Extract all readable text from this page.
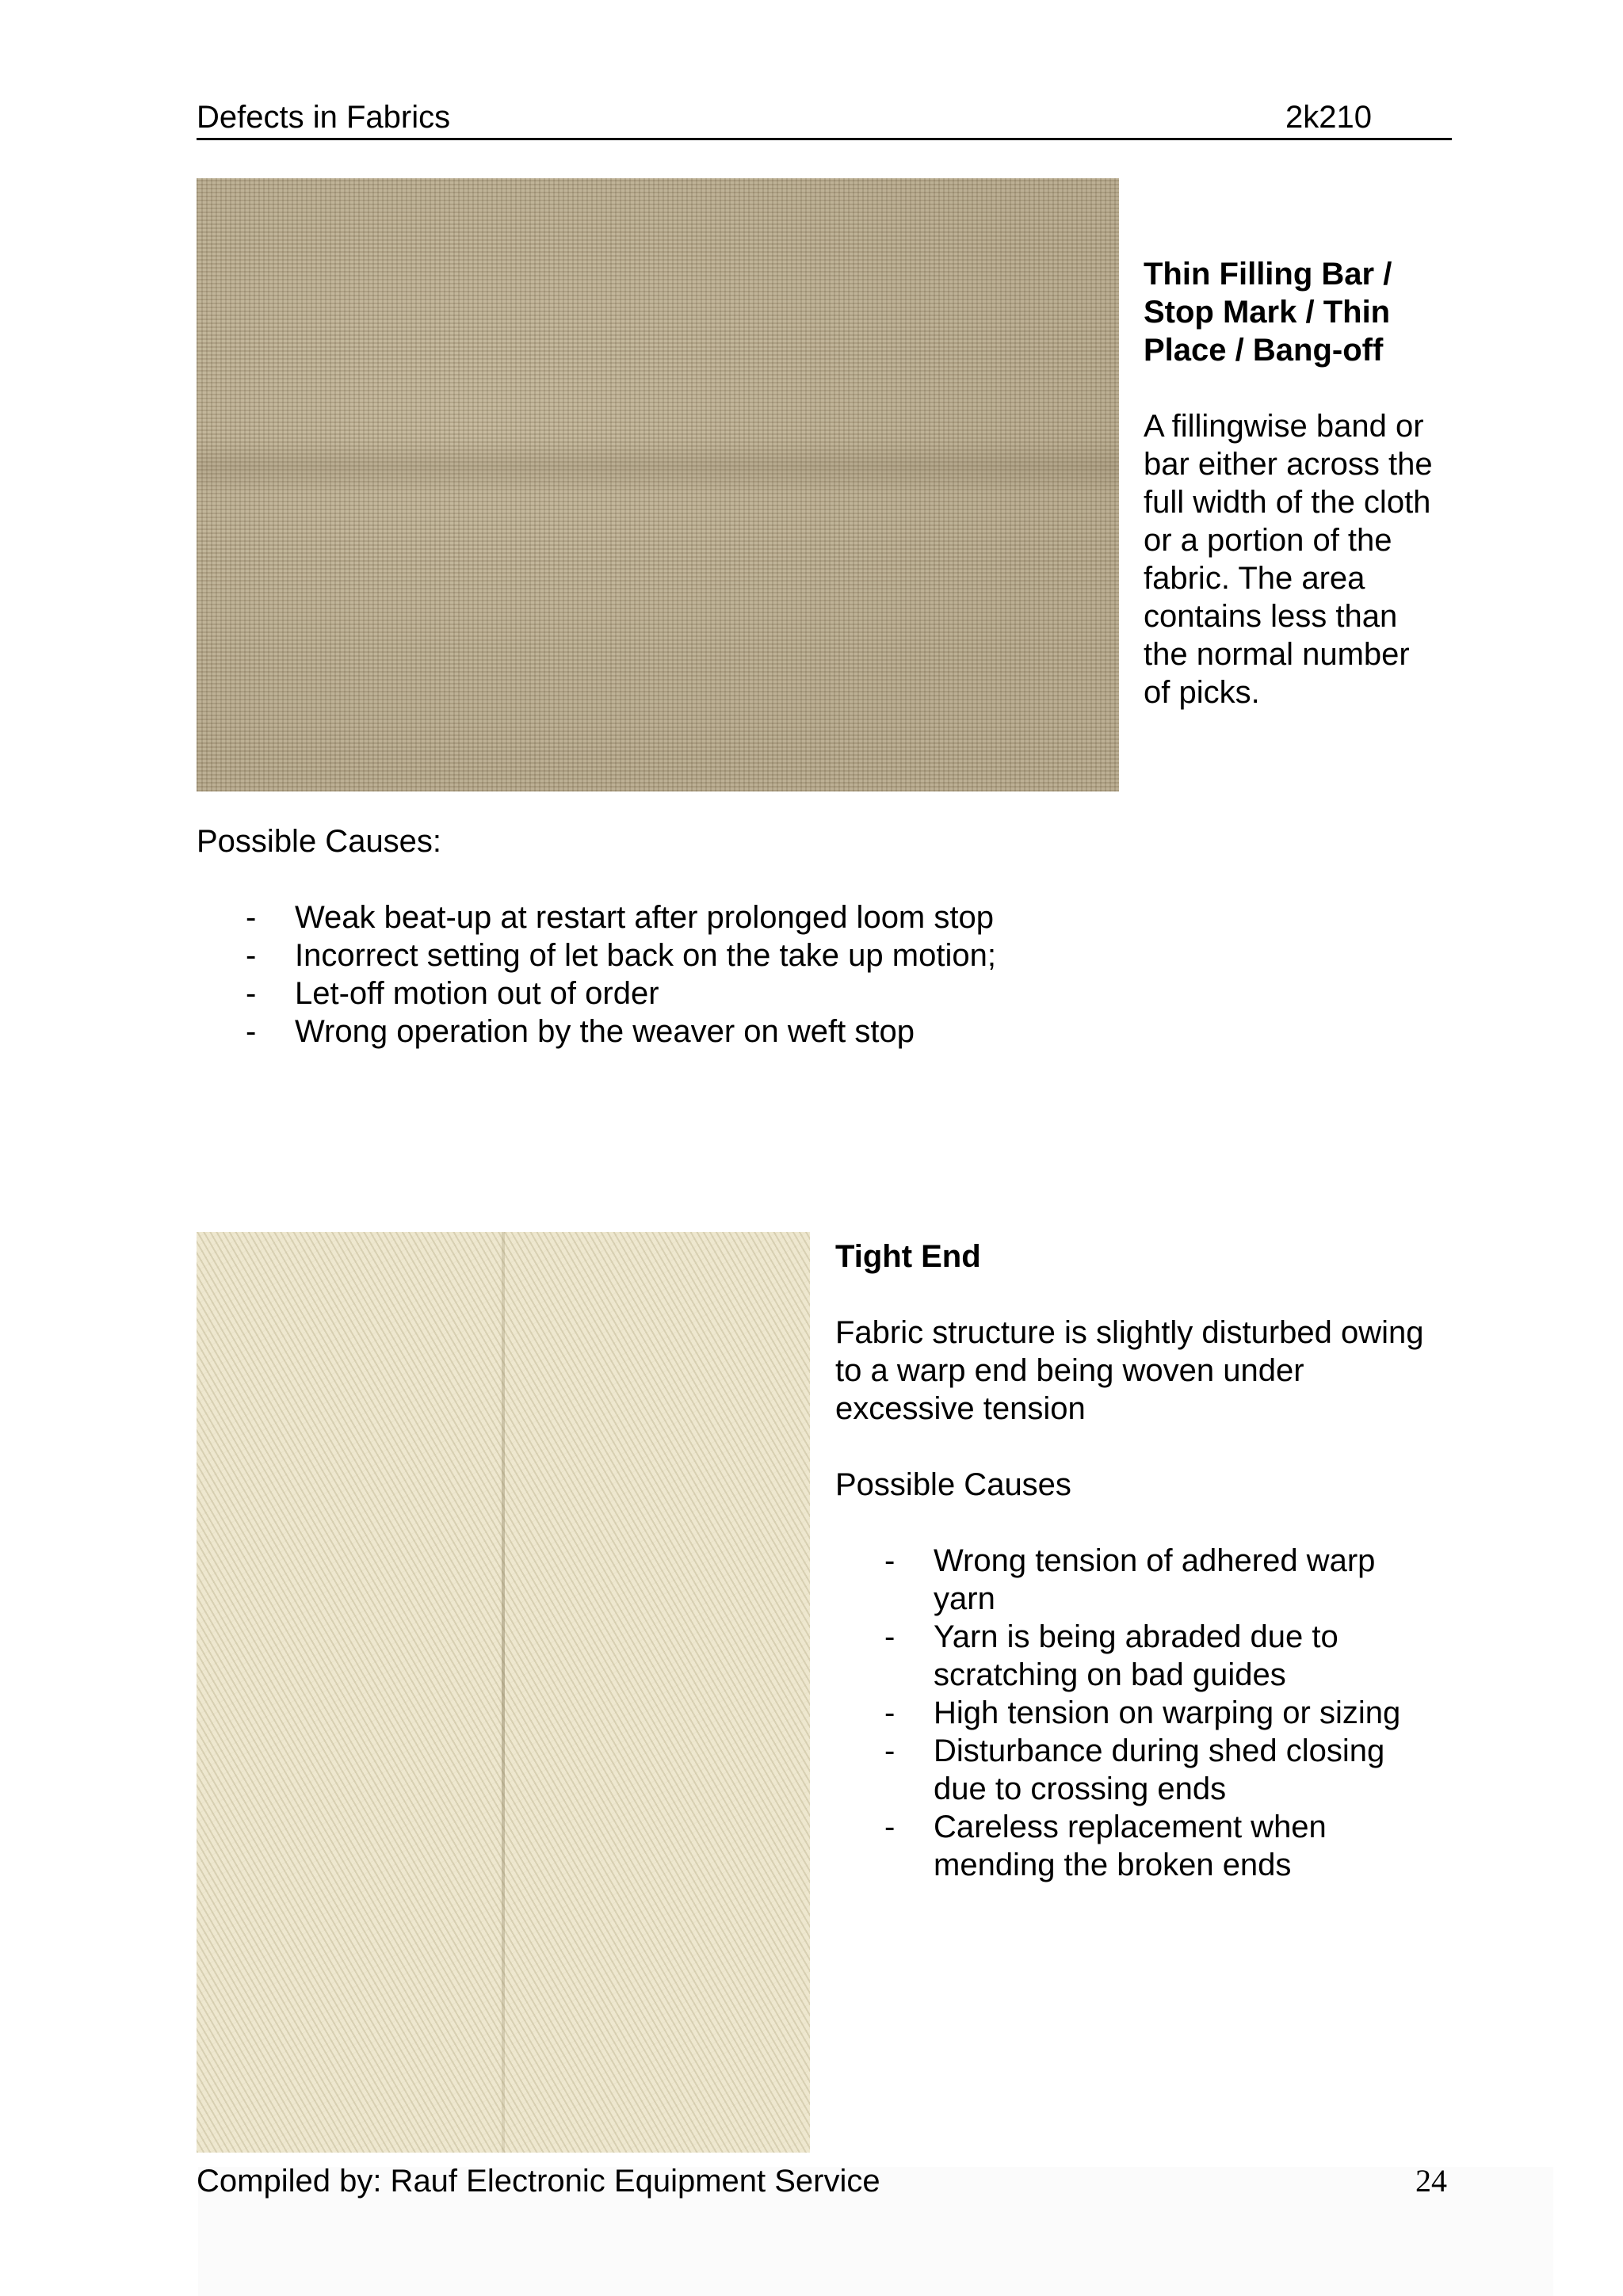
Defects in Fabrics	2k210
Thin Filling Bar /
Stop Mark / Thin
Place / Bang-off
A fillingwise band or
bar either across the
full width of the cloth
or a portion of the
fabric. The area
contains less than
the normal number
of picks.
Possible Causes:
- Weak beat-up at restart after prolonged loom stop
- Incorrect setting of let back on the take up motion;
- Let-off motion out of order
- Wrong operation by the weaver on weft stop
Tight End
Fabric structure is slightly disturbed owing
to a warp end being woven under
excessive tension
Possible Causes
- Wrong tension of adhered warp
yarn
- Yarn is being abraded due to
scratching on bad guides
- High tension on warping or sizing
- Disturbance during shed closing
due to crossing ends
- Careless replacement when
mending the broken ends
Compiled by: Rauf Electronic Equipment Service	24
